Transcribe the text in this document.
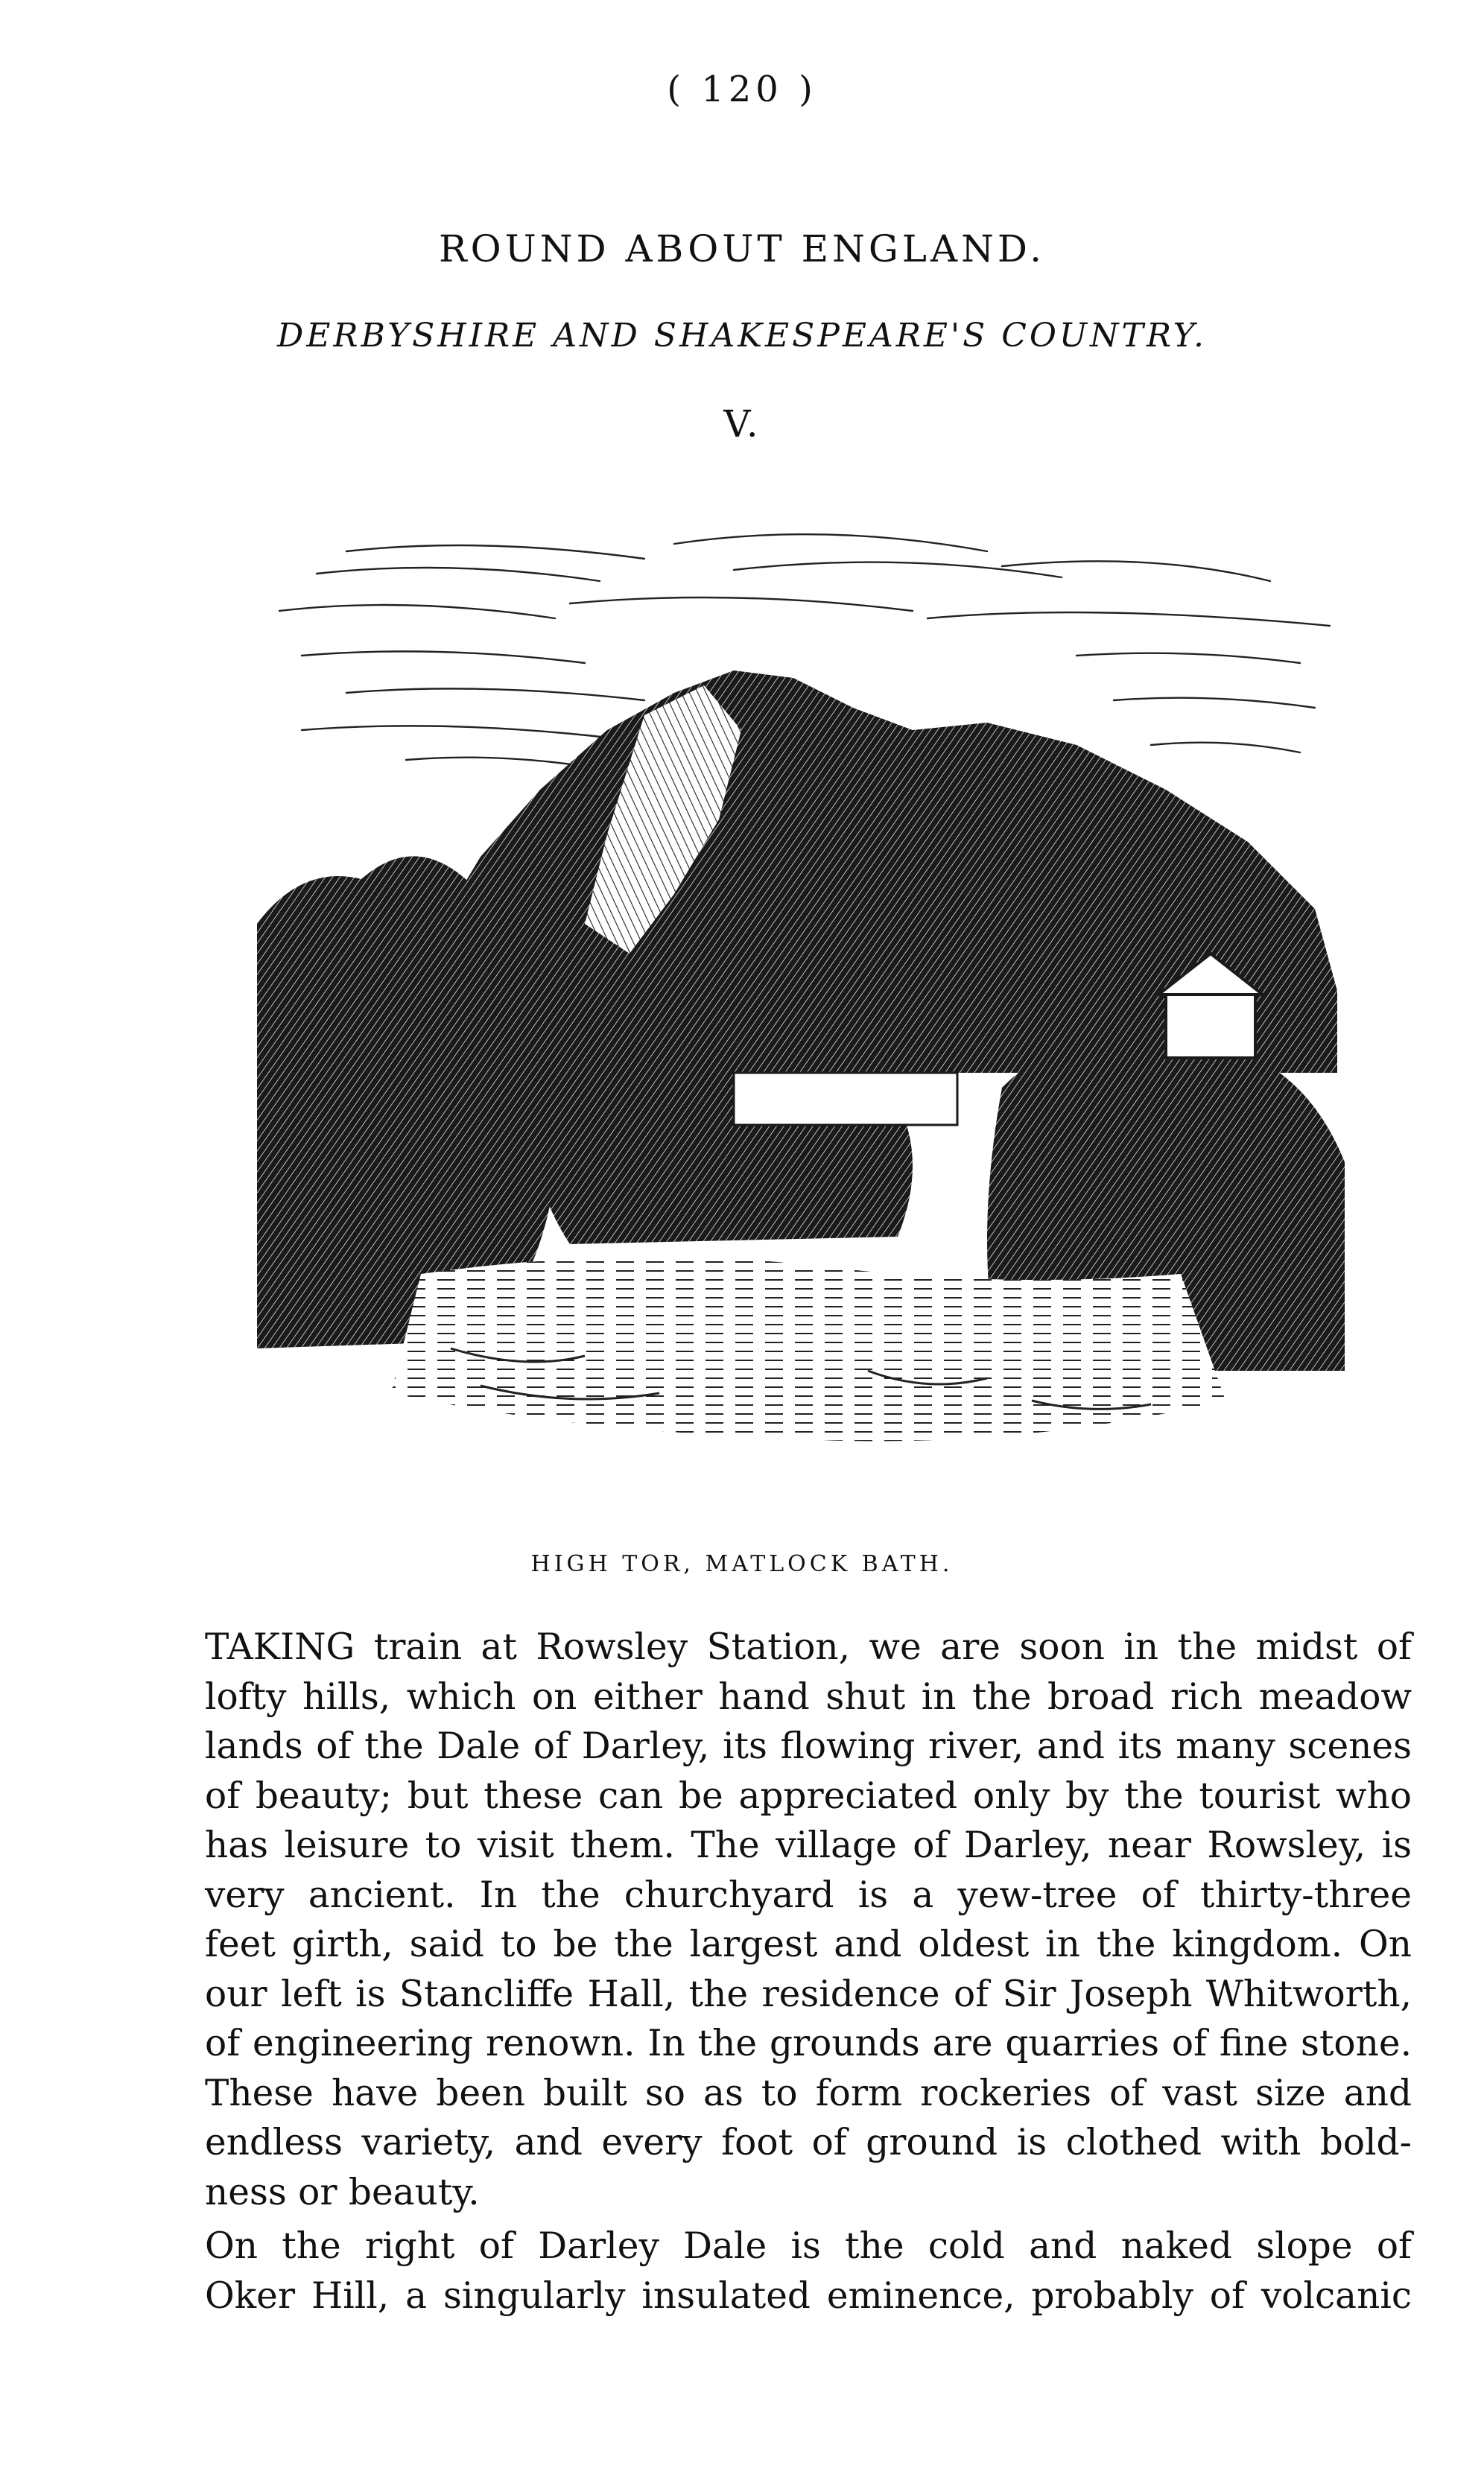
( 120 )
ROUND ABOUT ENGLAND.
DERBYSHIRE AND SHAKESPEARE'S COUNTRY.
V.
HIGH TOR, MATLOCK BATH.
TAKING train at Rowsley Station, we are soon in the midst of
lofty hills, which on either hand shut in the broad rich meadow
lands of the Dale of Darley, its flowing river, and its many scenes
of beauty; but these can be appreciated only by the tourist who
has leisure to visit them. The village of Darley, near Rowsley, is
very ancient. In the churchyard is a yew-tree of thirty-three
feet girth, said to be the largest and oldest in the kingdom. On
our left is Stancliffe Hall, the residence of Sir Joseph Whitworth,
of engineering renown. In the grounds are quarries of fine stone.
These have been built so as to form rockeries of vast size and
endless variety, and every foot of ground is clothed with bold-
ness or beauty.
On the right of Darley Dale is the cold and naked slope of
Oker Hill, a singularly insulated eminence, probably of volcanic
